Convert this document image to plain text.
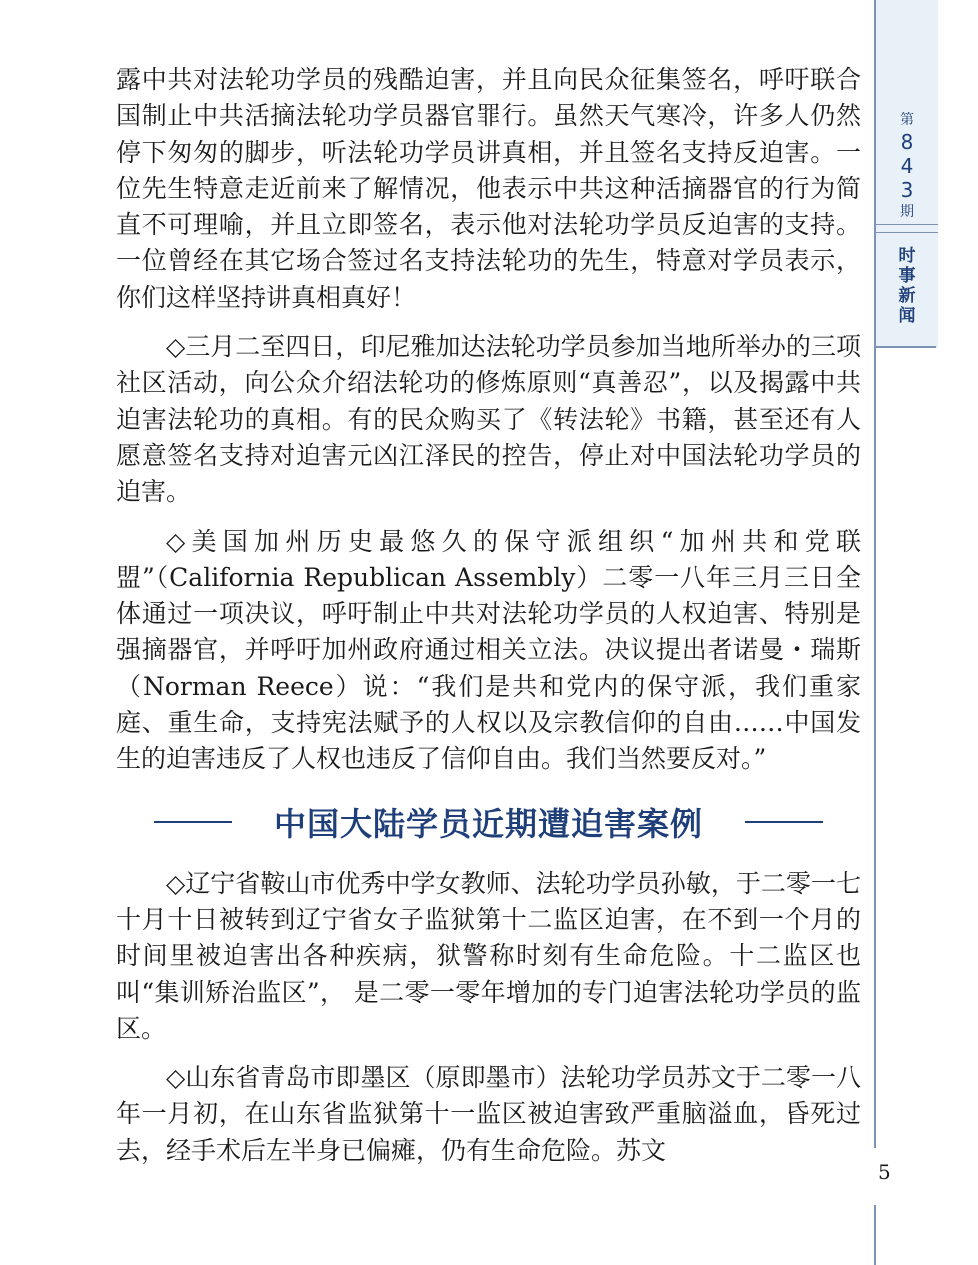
露中共对法轮功学员的残酷迫害，并且向民众征集签名，呼吁联合国制止中共活摘法轮功学员器官罪行。虽然天气寒冷，许多人仍然停下匆匆的脚步，听法轮功学员讲真相，并且签名支持反迫害。一位先生特意走近前来了解情况，他表示中共这种活摘器官的行为简直不可理喻，并且立即签名，表示他对法轮功学员反迫害的支持。一位曾经在其它场合签过名支持法轮功的先生，特意对学员表示，你们这样坚持讲真相真好！

◇三月二至四日，印尼雅加达法轮功学员参加当地所举办的三项社区活动，向公众介绍法轮功的修炼原则“真善忍”，以及揭露中共迫害法轮功的真相。有的民众购买了《转法轮》书籍，甚至还有人愿意签名支持对迫害元凶江泽民的控告，停止对中国法轮功学员的迫害。

◇美国加州历史最悠久的保守派组织“加州共和党联盟”（California Republican Assembly）二零一八年三月三日全体通过一项决议，呼吁制止中共对法轮功学员的人权迫害、特别是强摘器官，并呼吁加州政府通过相关立法。决议提出者诺曼・瑞斯（Norman Reece）说：“我们是共和党内的保守派，我们重家庭、重生命，支持宪法赋予的人权以及宗教信仰的自由……中国发生的迫害违反了人权也违反了信仰自由。我们当然要反对。”

中国大陆学员近期遭迫害案例

◇辽宁省鞍山市优秀中学女教师、法轮功学员孙敏，于二零一七十月十日被转到辽宁省女子监狱第十二监区迫害，在不到一个月的时间里被迫害出各种疾病，狱警称时刻有生命危险。十二监区也叫“集训矫治监区”， 是二零一零年增加的专门迫害法轮功学员的监区。

◇山东省青岛市即墨区（原即墨市）法轮功学员苏文于二零一八年一月初，在山东省监狱第十一监区被迫害致严重脑溢血，昏死过去，经手术后左半身已偏瘫，仍有生命危险。苏文

第
8
4
3
期
时
事
新
闻
5
